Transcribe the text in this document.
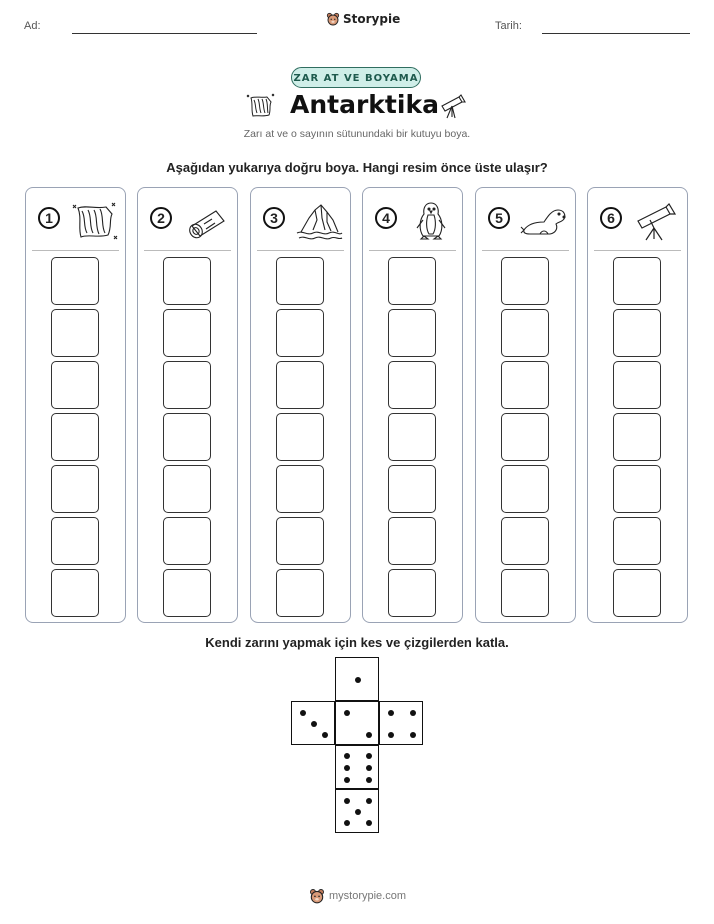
Ad:	Storypie	Tarih:
ZAR AT VE BOYAMA
Antarktika
Zarı at ve o sayının sütunundaki bir kutuyu boya.
Aşağıdan yukarıya doğru boya. Hangi resim önce üste ulaşır?
1	2	3	4	5	6
Kendi zarını yapmak için kes ve çizgilerden katla.
mystorypie.com
